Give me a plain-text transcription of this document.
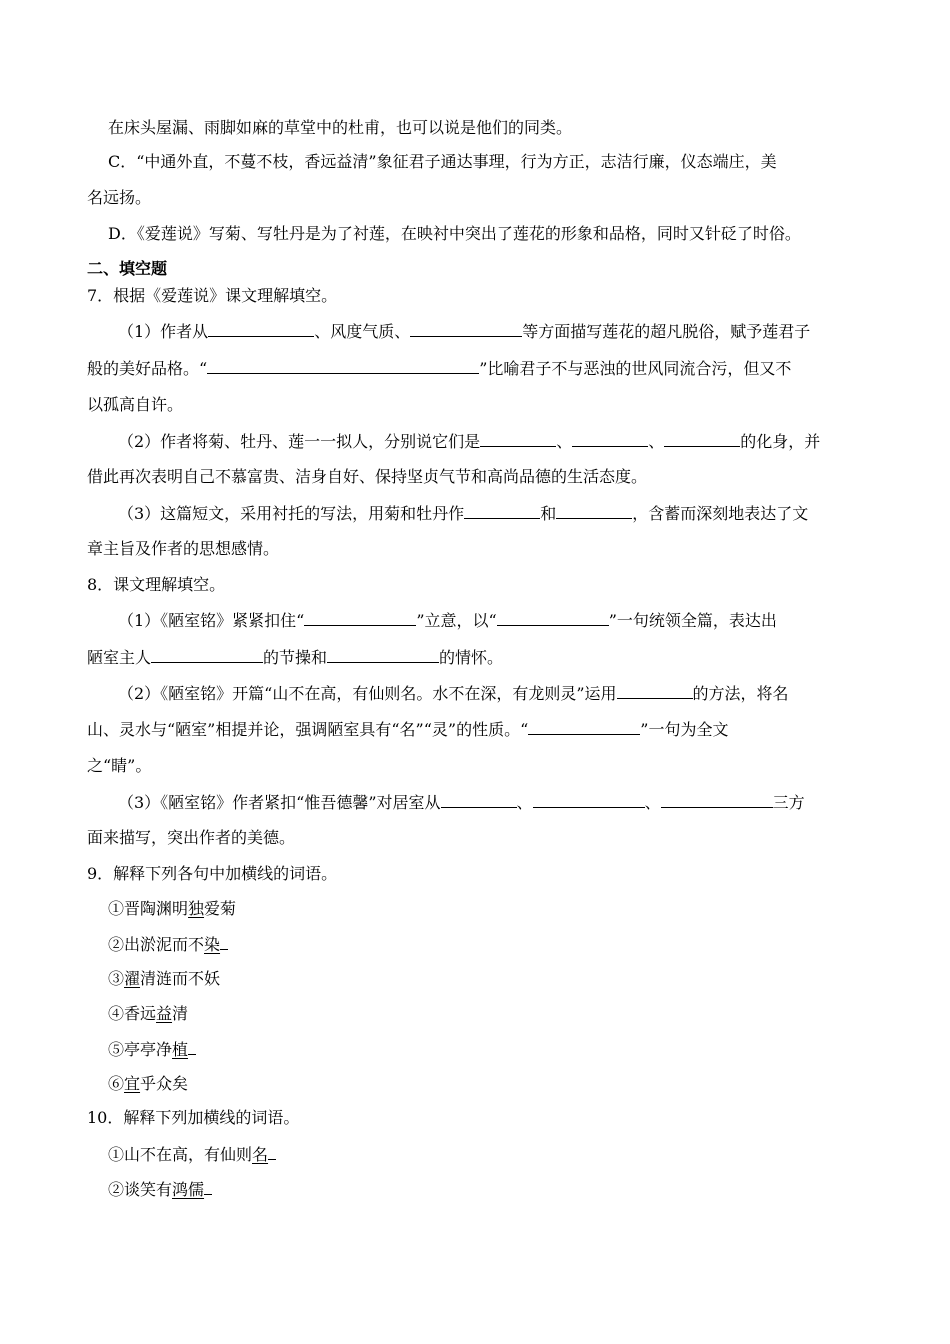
在床头屋漏、雨脚如麻的草堂中的杜甫，也可以说是他们的同类。
C．“中通外直，不蔓不枝，香远益清”象征君子通达事理，行为方正，志洁行廉，仪态端庄，美
名远扬。
D．《爱莲说》写菊、写牡丹是为了衬莲，在映衬中突出了莲花的形象和品格，同时又针砭了时俗。
二、填空题
7．根据《爱莲说》课文理解填空。
（1）作者从	、风度气质、	等方面描写莲花的超凡脱俗，赋予莲君子
般的美好品格。“	”比喻君子不与恶浊的世风同流合污，但又不
以孤高自许。
（2）作者将菊、牡丹、莲一一拟人，分别说它们是	、	、	的化身，并
借此再次表明自己不慕富贵、洁身自好、保持坚贞气节和高尚品德的生活态度。
（3）这篇短文，采用衬托的写法，用菊和牡丹作	和	，含蓄而深刻地表达了文
章主旨及作者的思想感情。
8．课文理解填空。
（1）《陋室铭》紧紧扣住“	”立意，以“	”一句统领全篇，表达出
陋室主人	的节操和	的情怀。
（2）《陋室铭》开篇“山不在高，有仙则名。水不在深，有龙则灵”运用	的方法，将名
山、灵水与“陋室”相提并论，强调陋室具有“名”“灵”的性质。“	”一句为全文
之“睛”。
（3）《陋室铭》作者紧扣“惟吾德馨”对居室从	、	、	三方
面来描写，突出作者的美德。
9．解释下列各句中加横线的词语。
①晋陶渊明独爱菊
②出淤泥而不染
③濯清涟而不妖
④香远益清
⑤亭亭净植
⑥宜乎众矣
10．解释下列加横线的词语。
①山不在高，有仙则名
②谈笑有鸿儒
